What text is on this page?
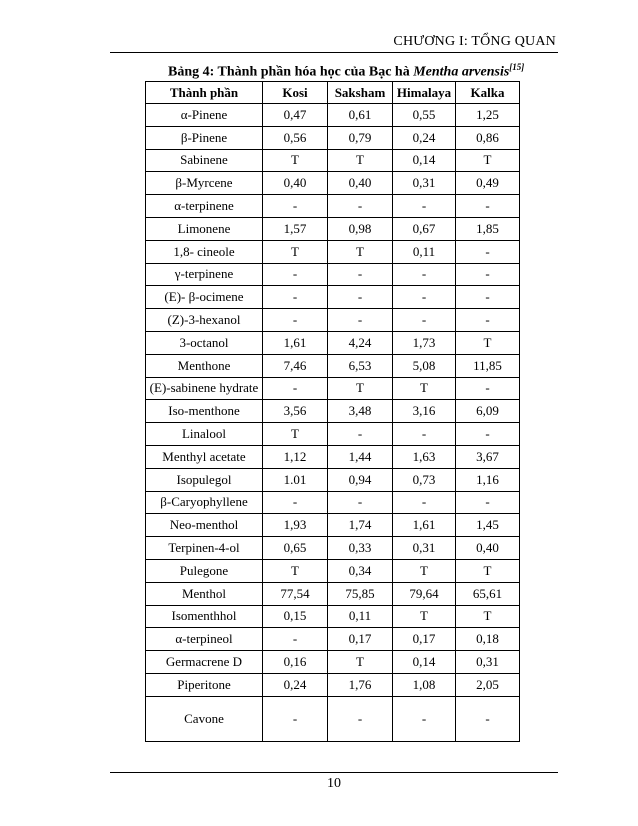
CHƯƠNG I: TỔNG QUAN
Bảng 4: Thành phần hóa học của Bạc hà Mentha arvensis[15]
Thành phần	Kosi	Saksham	Himalaya	Kalka
α-Pinene	0,47	0,61	0,55	1,25
β-Pinene	0,56	0,79	0,24	0,86
Sabinene	T	T	0,14	T
β-Myrcene	0,40	0,40	0,31	0,49
α-terpinene	-	-	-	-
Limonene	1,57	0,98	0,67	1,85
1,8- cineole	T	T	0,11	-
γ-terpinene	-	-	-	-
(E)- β-ocimene	-	-	-	-
(Z)-3-hexanol	-	-	-	-
3-octanol	1,61	4,24	1,73	T
Menthone	7,46	6,53	5,08	11,85
(E)-sabinene hydrate	-	T	T	-
Iso-menthone	3,56	3,48	3,16	6,09
Linalool	T	-	-	-
Menthyl acetate	1,12	1,44	1,63	3,67
Isopulegol	1.01	0,94	0,73	1,16
β-Caryophyllene	-	-	-	-
Neo-menthol	1,93	1,74	1,61	1,45
Terpinen-4-ol	0,65	0,33	0,31	0,40
Pulegone	T	0,34	T	T
Menthol	77,54	75,85	79,64	65,61
Isomenthhol	0,15	0,11	T	T
α-terpineol	-	0,17	0,17	0,18
Germacrene D	0,16	T	0,14	0,31
Piperitone	0,24	1,76	1,08	2,05
Cavone	-	-	-	-
10
